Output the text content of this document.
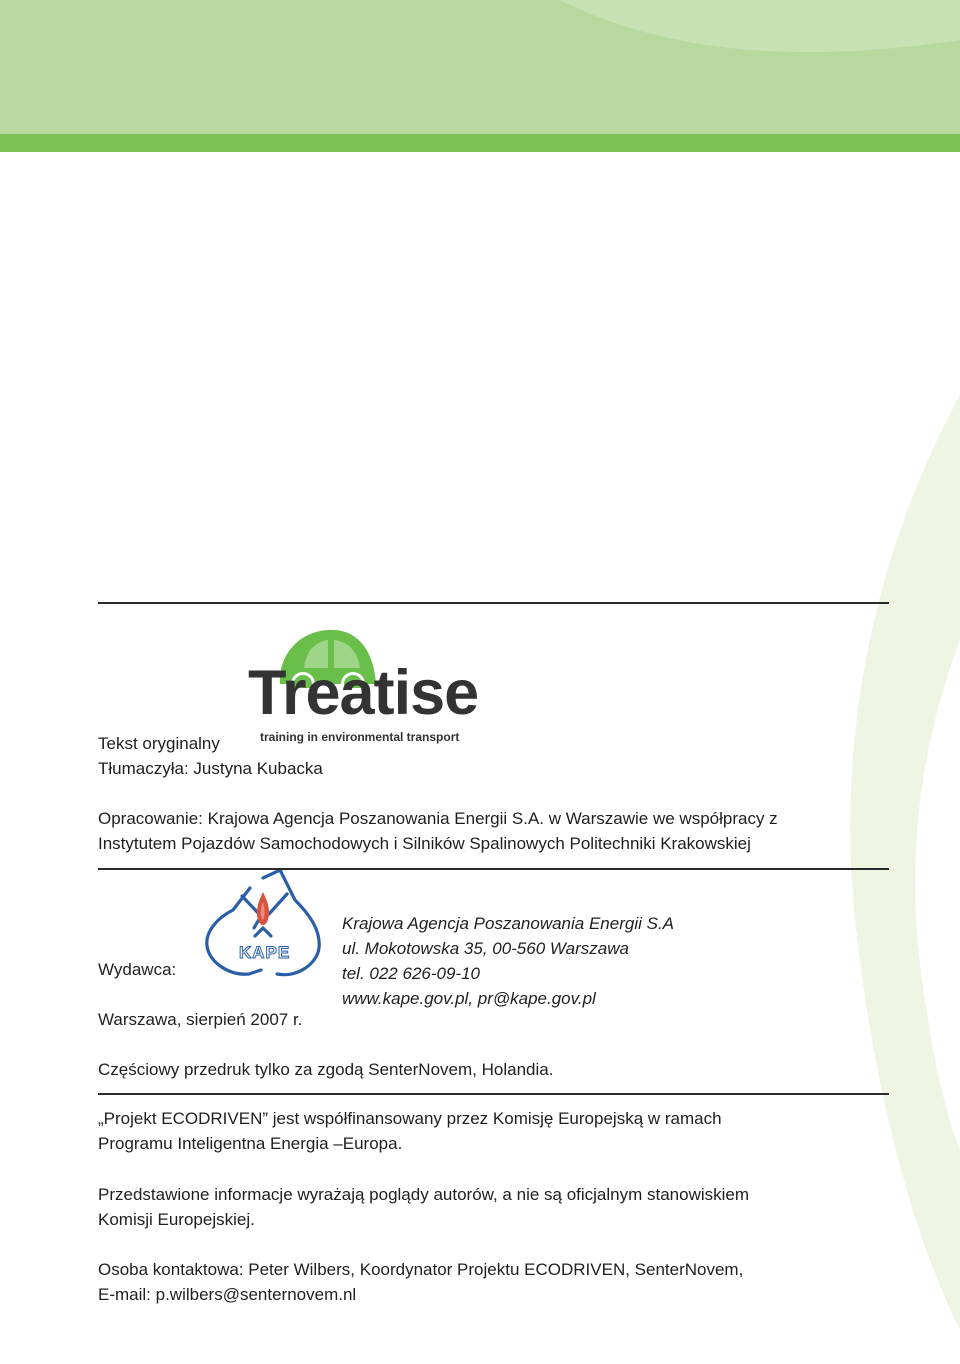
Treatise
training in environmental transport
Tekst oryginalny
Tłumaczyła: Justyna Kubacka
Opracowanie: Krajowa Agencja Poszanowania Energii S.A. w Warszawie we współpracy z
Instytutem Pojazdów Samochodowych i Silników Spalinowych Politechniki Krakowskiej
KAPE
Wydawca:
Warszawa, sierpień 2007 r.
Krajowa Agencja Poszanowania Energii S.A
ul. Mokotowska 35, 00-560 Warszawa
tel. 022 626-09-10
www.kape.gov.pl, pr@kape.gov.pl
Częściowy przedruk tylko za zgodą SenterNovem, Holandia.
„Projekt ECODRIVEN” jest współfinansowany przez Komisję Europejską w ramach
Programu Inteligentna Energia –Europa.
Przedstawione informacje wyrażają poglądy autorów, a nie są oficjalnym stanowiskiem
Komisji Europejskiej.
Osoba kontaktowa: Peter Wilbers, Koordynator Projektu ECODRIVEN, SenterNovem,
E-mail: p.wilbers@senternovem.nl
